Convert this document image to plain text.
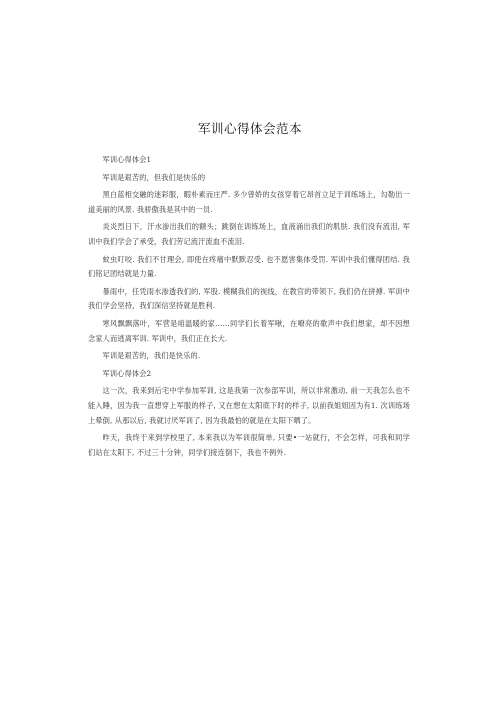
军训心得体会范本

军训心得体会1

军训是艰苦的，但我们是快乐的

黑白蓝相交融的迷彩服，暇朴素而庄严. 多少曾娇的女孩穿着它昂首立足于训练场上，勾勒出一道美丽的风景. 我骄傲我是其中的一员.

炎炎烈日下，汗水渗出我们的额头；跳倒在训练场上，血液涌出我们的肌肤. 我们没有流泪, 军训中我们学会了承受，我们劳记流汗流血不流泪.

蚊虫叮咬. 我们不甘理会, 即使在疼痛中默默忍受. 也不愿害集体受罚. 军训中我们懂得团结. 我们铭记团结就是力量.

暴雨中，任凭雨水渗透我们的, 军股. 模糊我们的视线，在教官的带领下, 我们仍在拼搏. 军训中我们学会坚持，我们深信坚持就是胜利.

寒风飘飘落叶，军营是咱温暖的家……同学们长着军啾，在嘹亮的歌声中我们想家，却不因想念家人而逃离军训. 军训中，我们正在长大.

军训是艰苦的，我们是快乐的.

军训心得体会2

这一次，我来到后宅中学参加军训, 这是我第一次参部军训，所以非常激动, 前一天我怎么也不能入睡，因为我一直想穿上军服的样子, 又在想在太阳底下时的样子, 以前我姐姐因为有1. 次训练场上晕倒, 从那以后, 我就讨厌军训了, 因为我最怕的就是在太阳下晒了。

昨天，我终于来到学校里了, 本来我以为军训很简单, 只要•一站就行，不会怎样，可我和同学们站在太阳下, 不过三十分钟，同学们接连倒下，我也不例外.
